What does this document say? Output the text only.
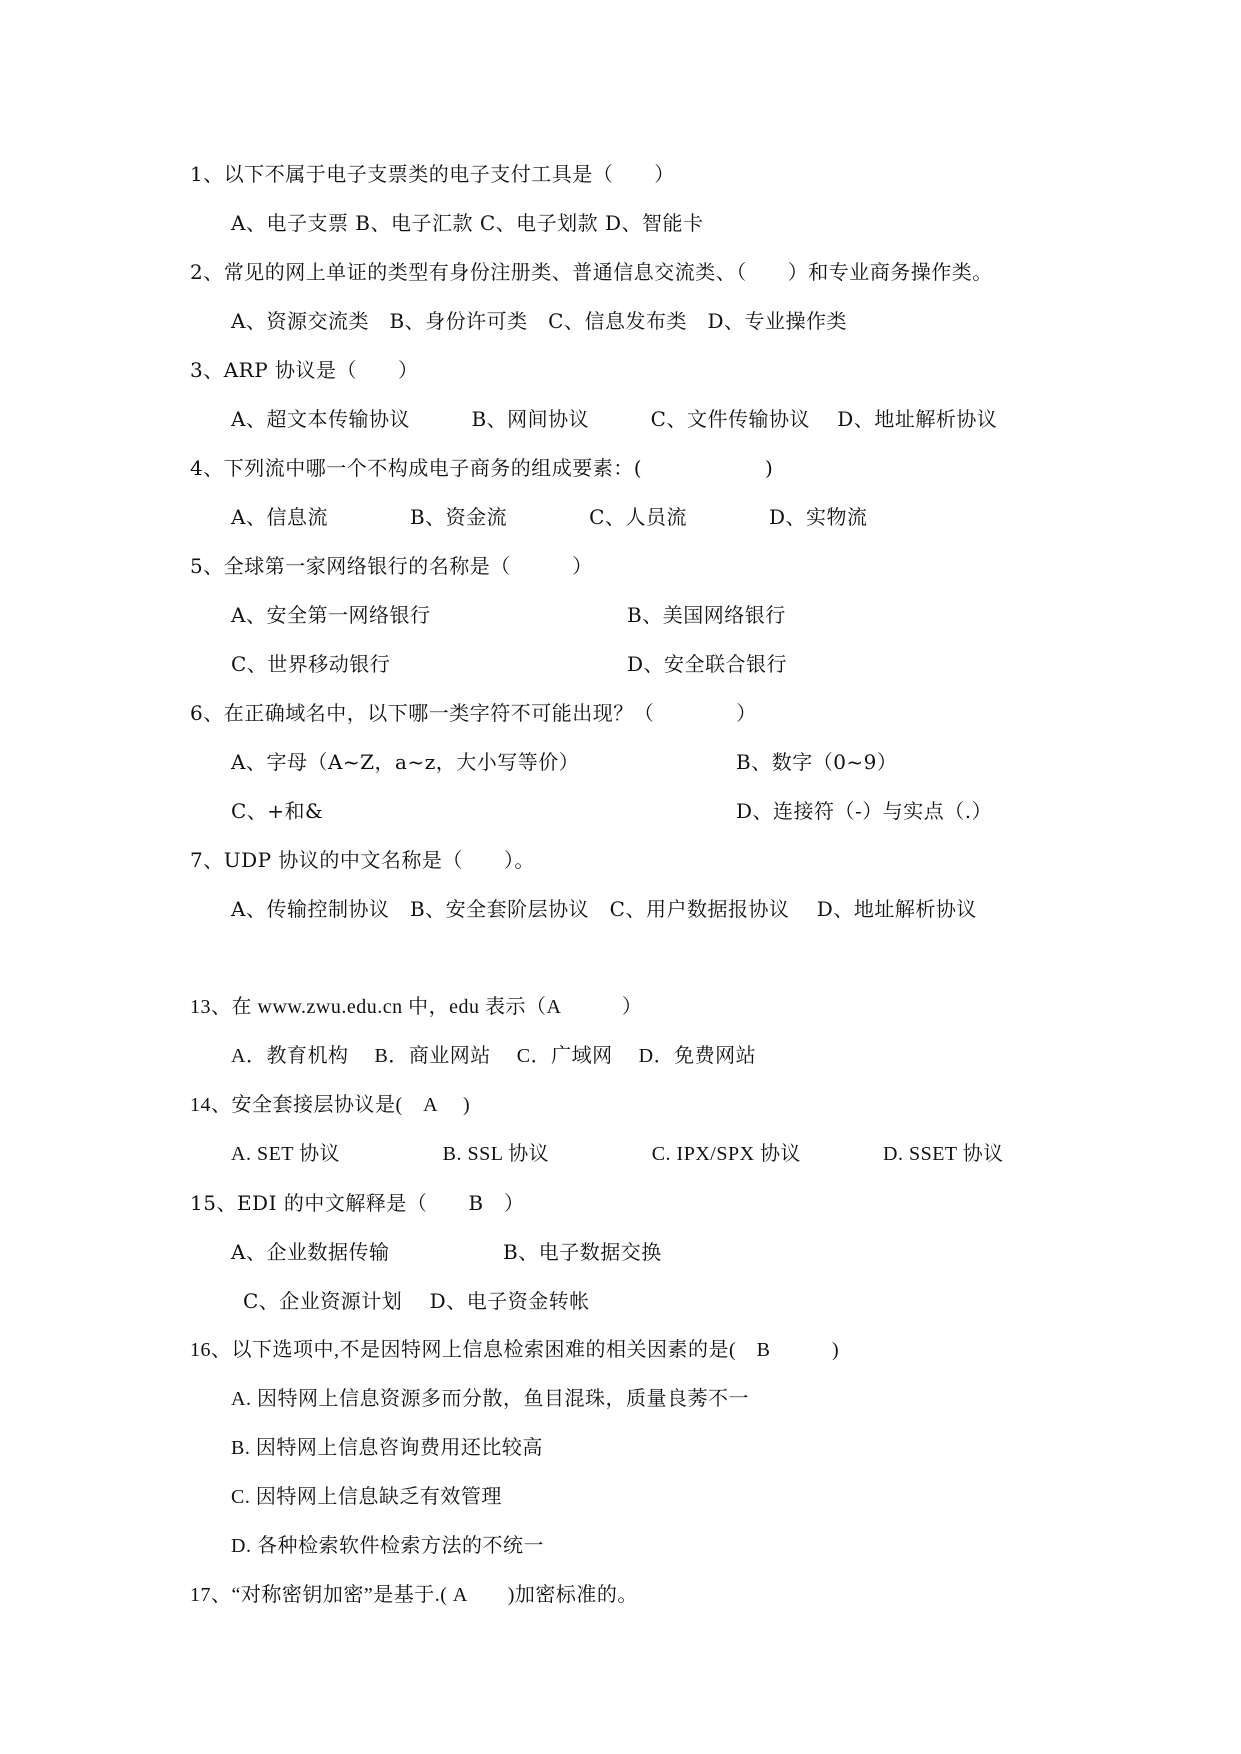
1、以下不属于电子支票类的电子支付工具是（　　）
A、电子支票 B、电子汇款 C、电子划款 D、智能卡
2、常见的网上单证的类型有身份注册类、普通信息交流类、（　　）和专业商务操作类。
A、资源交流类　B、身份许可类　C、信息发布类　D、专业操作类
3、ARP 协议是（　　）
A、超文本传输协议　　　B、网间协议　　　C、文件传输协议　 D、地址解析协议
4、下列流中哪一个不构成电子商务的组成要素：(　　　　　　)
A、信息流　　　　B、资金流　　　　C、人员流　　　　D、实物流
5、全球第一家网络银行的名称是（　　　）
A、安全第一网络银行	B、美国网络银行
C、世界移动银行	D、安全联合银行
6、在正确域名中，以下哪一类字符不可能出现？（　　　　）
A、字母（A~Z，a~z，大小写等价）	B、数字（0~9）
C、+和&	D、连接符（-）与实点（.）
7、UDP 协议的中文名称是（　　）。
A、传输控制协议　B、安全套阶层协议　C、用户数据报协议　 D、地址解析协议
13、在 www.zwu.edu.cn 中，edu 表示（A　　　）
A．教育机构　 B．商业网站　 C．广域网　 D．免费网站
14、安全套接层协议是(　A　 )
A. SET 协议　　　　　B. SSL 协议　　　　　C. IPX/SPX 协议　　　　D. SSET 协议
15、EDI 的中文解释是（　　B　）
A、企业数据传输	B、电子数据交换
C、企业资源计划　 D、电子资金转帐
16、以下选项中,不是因特网上信息检索困难的相关因素的是(　B　　　)
A. 因特网上信息资源多而分散，鱼目混珠，质量良莠不一
B. 因特网上信息咨询费用还比较高
C. 因特网上信息缺乏有效管理
D. 各种检索软件检索方法的不统一
17、“对称密钥加密”是基于.( A　　)加密标准的。
